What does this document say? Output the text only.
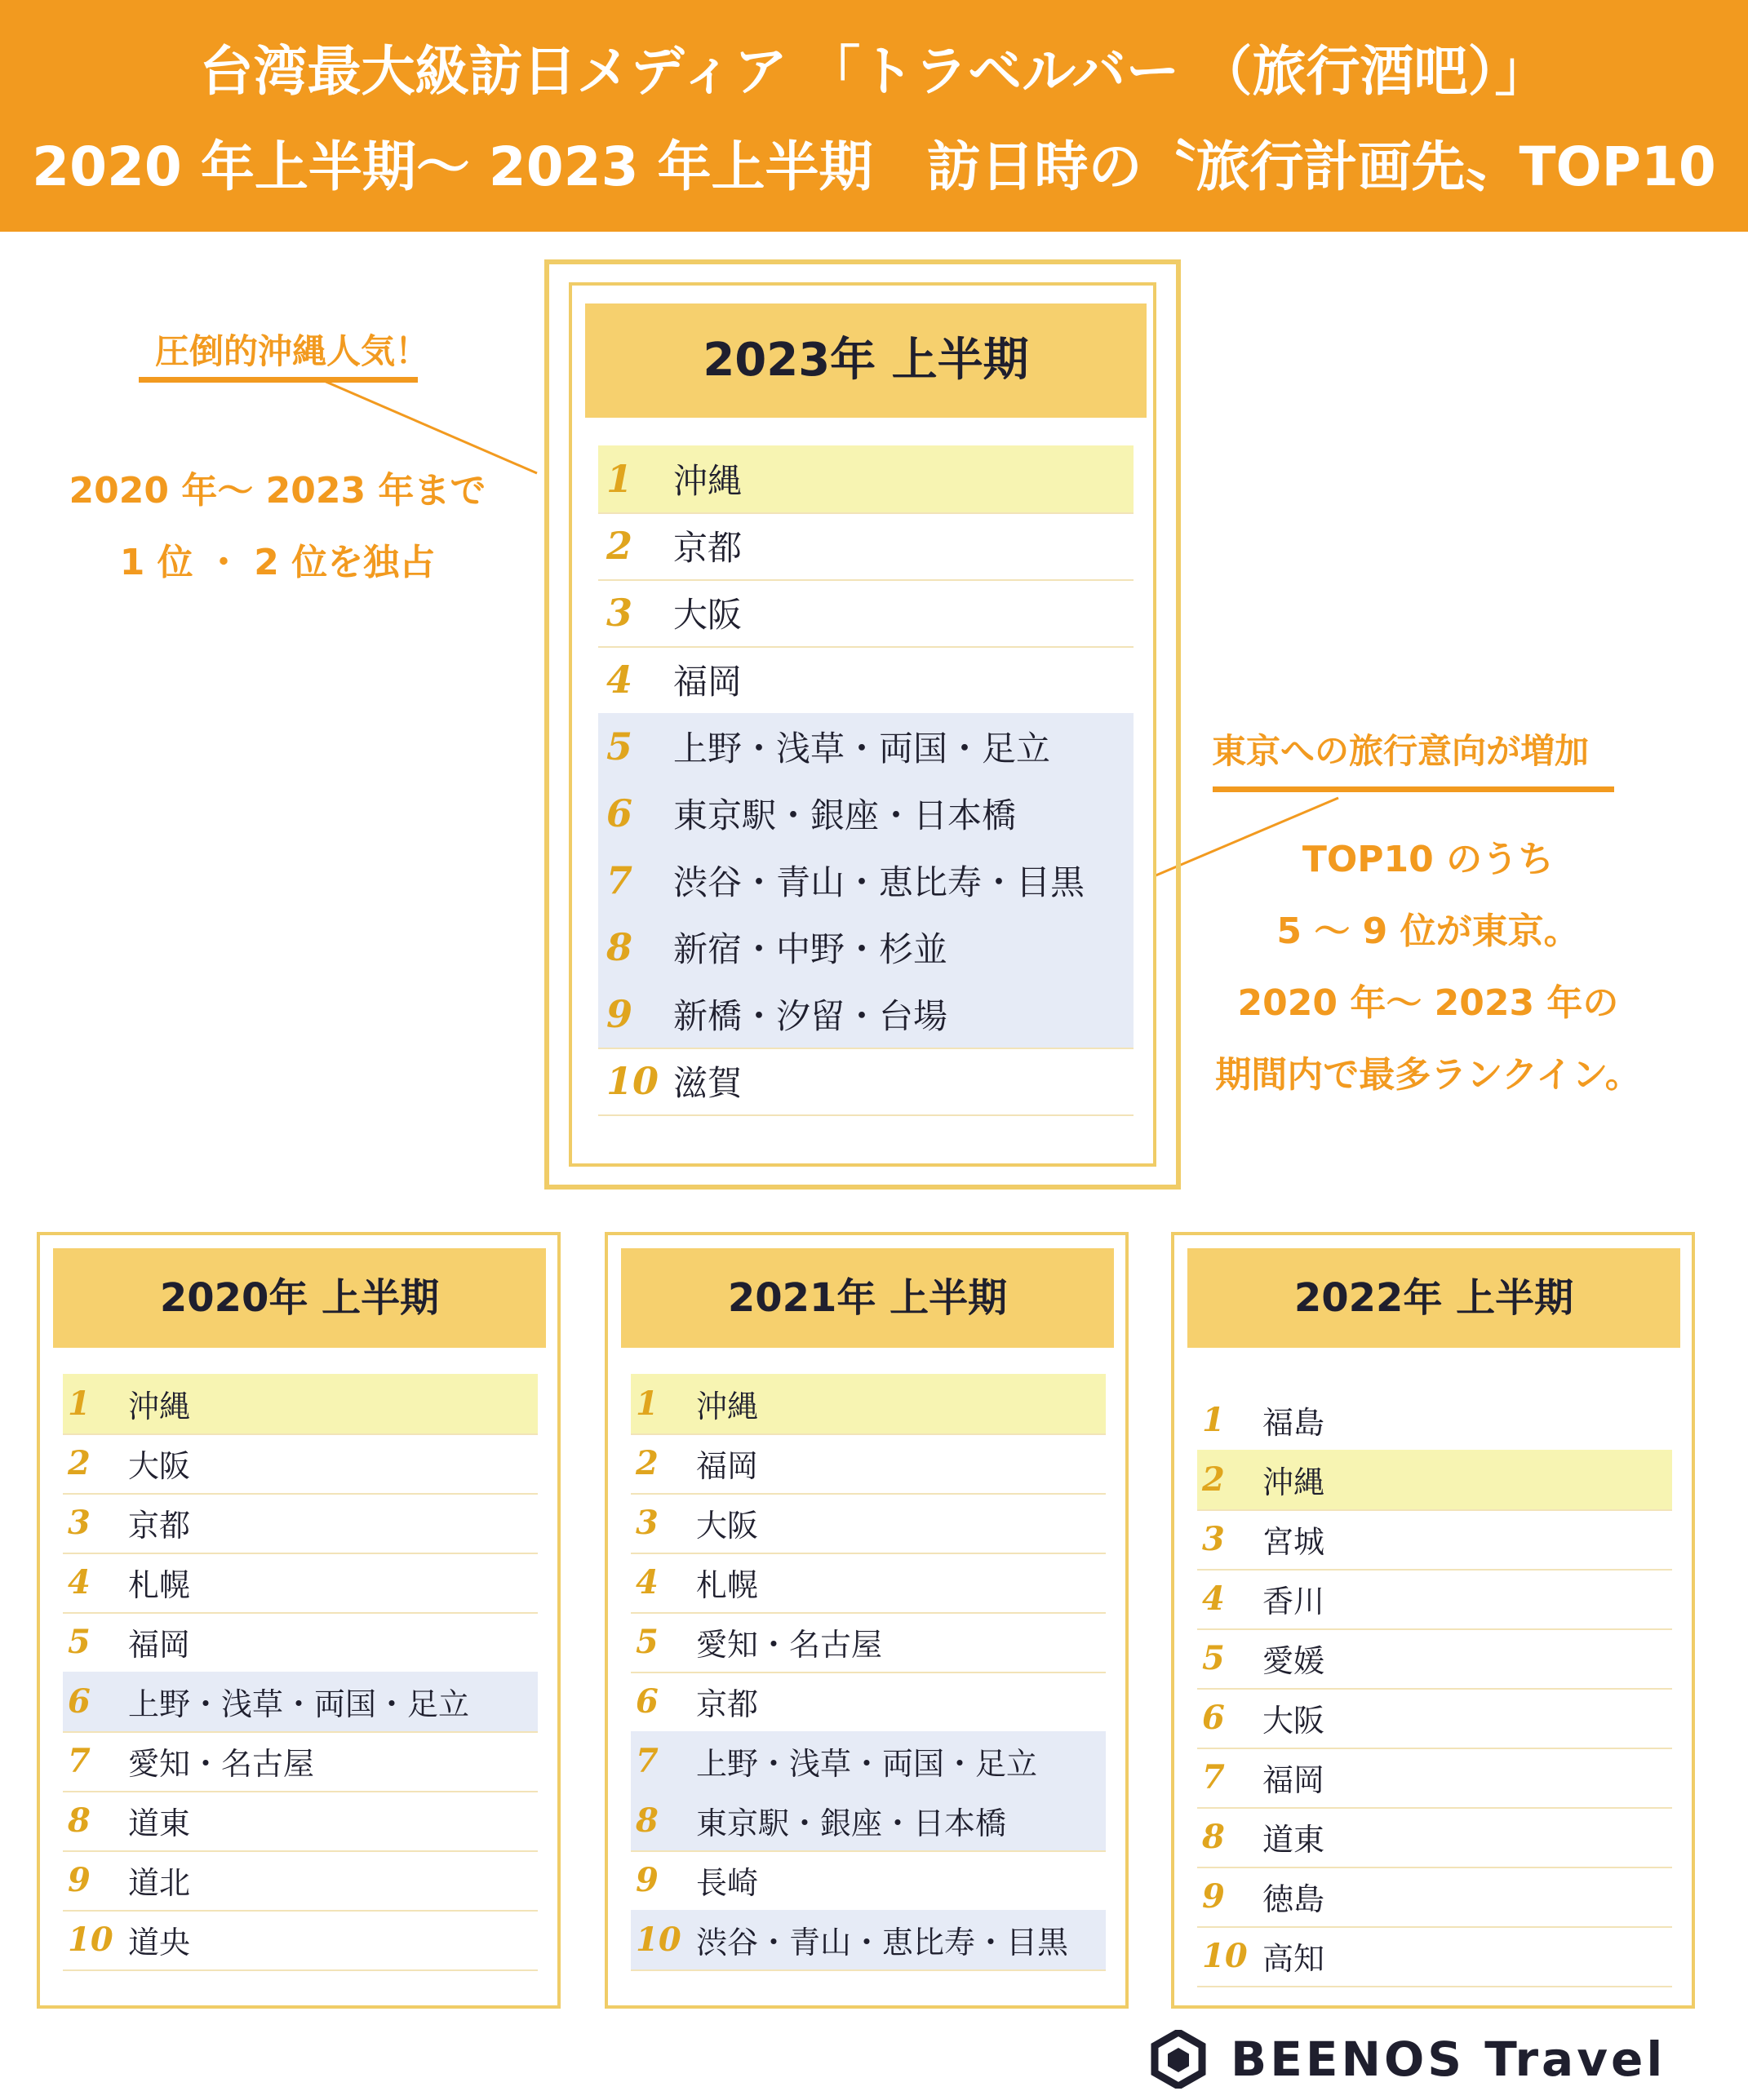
台湾最大級訪日メディア 「トラベルバー （旅行酒吧）」
2020 年上半期〜 2023 年上半期　訪日時の〝旅行計画先〟TOP10
圧倒的沖縄人気！
2020 年〜 2023 年まで
1 位 ・ 2 位を独占
東京への旅行意向が増加
TOP10 のうち
5 〜 9 位が東京。
2020 年〜 2023 年の
期間内で最多ランクイン。
2023年 上半期
1 沖縄
2 京都
3 大阪
4 福岡
5 上野・浅草・両国・足立
6 東京駅・銀座・日本橋
7 渋谷・青山・恵比寿・目黒
8 新宿・中野・杉並
9 新橋・汐留・台場
10 滋賀
2020年 上半期
1 沖縄
2 大阪
3 京都
4 札幌
5 福岡
6 上野・浅草・両国・足立
7 愛知・名古屋
8 道東
9 道北
10 道央
2021年 上半期
1 沖縄
2 福岡
3 大阪
4 札幌
5 愛知・名古屋
6 京都
7 上野・浅草・両国・足立
8 東京駅・銀座・日本橋
9 長崎
10 渋谷・青山・恵比寿・目黒
2022年 上半期
1 福島
2 沖縄
3 宮城
4 香川
5 愛媛
6 大阪
7 福岡
8 道東
9 徳島
10 高知
BEENOS Travel
